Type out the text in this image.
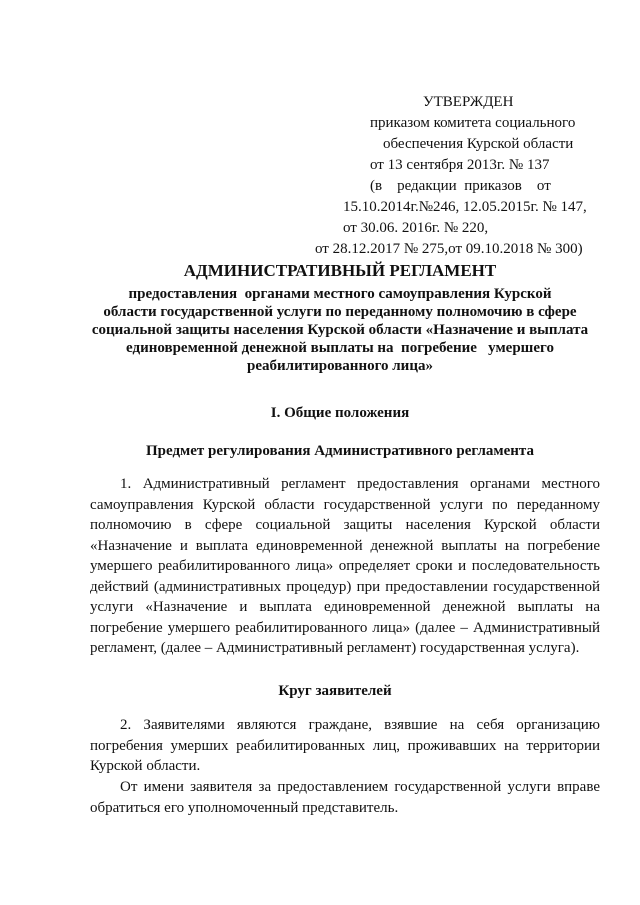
УТВЕРЖДЕН
приказом комитета социального
обеспечения Курской области
от 13 сентября 2013г. № 137
(в    редакции  приказов    от
15.10.2014г.№246, 12.05.2015г. № 147,
от 30.06. 2016г. № 220,
от 28.12.2017 № 275,от 09.10.2018 № 300)
АДМИНИСТРАТИВНЫЙ РЕГЛАМЕНТ
предоставления  органами местного самоуправления Курской
области государственной услуги по переданному полномочию в сфере
социальной защиты населения Курской области «Назначение и выплата
единовременной денежной выплаты на  погребение   умершего
реабилитированного лица»
I. Общие положения
Предмет регулирования Административного регламента
1. Административный регламент предоставления органами местного самоуправления Курской области государственной услуги по переданному полномочию в сфере социальной защиты населения Курской области «Назначение и выплата единовременной денежной выплаты на погребение умершего реабилитированного лица» определяет сроки и последовательность действий (административных процедур) при предоставлении государственной услуги «Назначение и выплата единовременной денежной выплаты на погребение умершего реабилитированного лица» (далее – Административный регламент, (далее – Административный регламент) государственная услуга).
Круг заявителей
2. Заявителями являются граждане, взявшие на себя организацию погребения умерших реабилитированных лиц, проживавших на территории Курской области.
От имени заявителя за предоставлением государственной услуги вправе обратиться его уполномоченный представитель.
